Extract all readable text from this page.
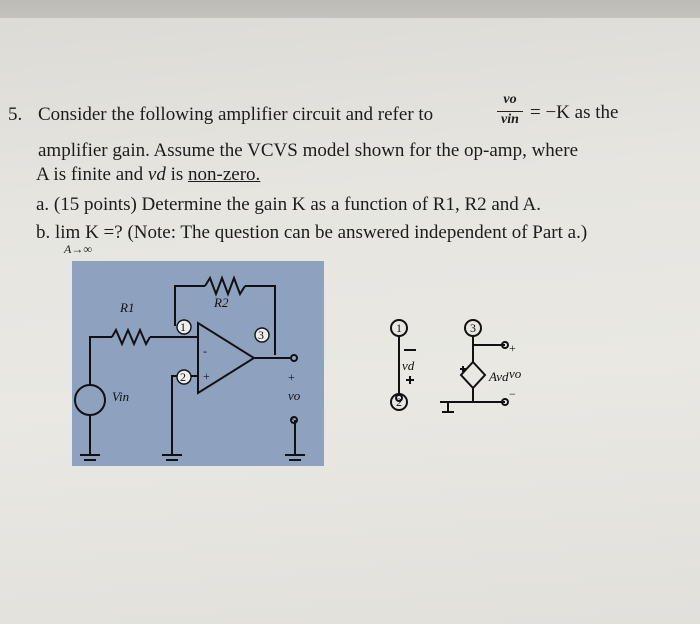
5. Consider the following amplifier circuit and refer to
vo
vin = −K as the
amplifier gain. Assume the VCVS model shown for the op-amp, where
A is finite and vd is non-zero.
a. (15 points) Determine the gain K as a function of R1, R2 and A.
b. lim K =? (Note: The question can be answered independent of Part a.)
A→∞
R1	R2
1
2
3
Vin
-
+	+
vo
-
1
2
3
vd
Avd
+
vo
−
